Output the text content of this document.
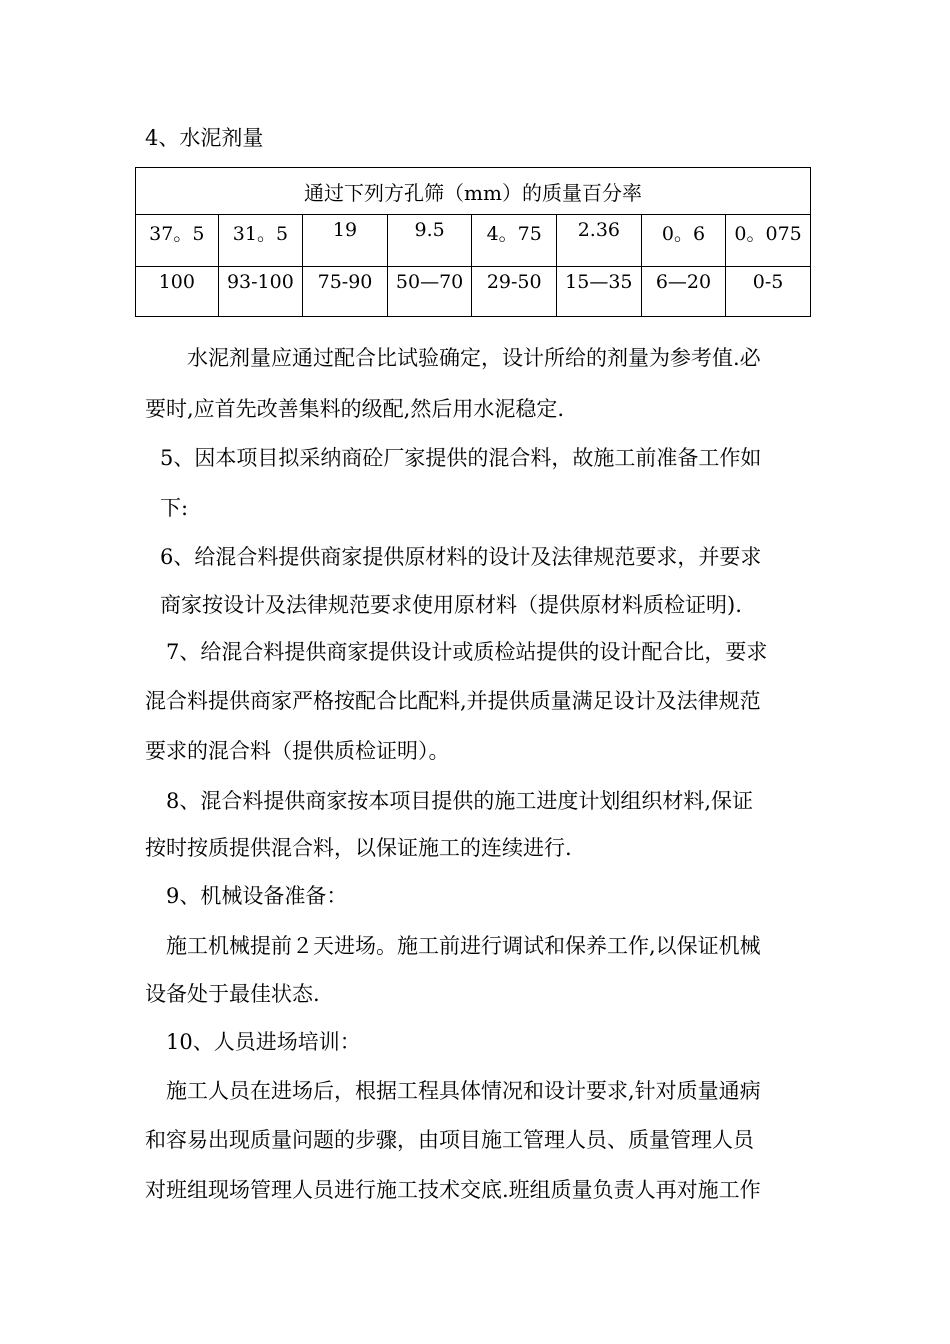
4、水泥剂量
通过下列方孔筛（mm）的质量百分率							
37。5	31。5	19	9.5	4。75	2.36	0。6	0。075
100	93-100	75-90	50—70	29-50	15—35	6—20	0-5
水泥剂量应通过配合比试验确定，设计所给的剂量为参考值.必
要时,应首先改善集料的级配,然后用水泥稳定.
5、因本项目拟采纳商砼厂家提供的混合料，故施工前准备工作如
下:
6、给混合料提供商家提供原材料的设计及法律规范要求，并要求
商家按设计及法律规范要求使用原材料（提供原材料质检证明).
7、给混合料提供商家提供设计或质检站提供的设计配合比，要求
混合料提供商家严格按配合比配料,并提供质量满足设计及法律规范
要求的混合料（提供质检证明）。
8、混合料提供商家按本项目提供的施工进度计划组织材料,保证
按时按质提供混合料，以保证施工的连续进行.
9、机械设备准备：
施工机械提前２天进场。施工前进行调试和保养工作,以保证机械
设备处于最佳状态.
10、人员进场培训：
施工人员在进场后，根据工程具体情况和设计要求,针对质量通病
和容易出现质量问题的步骤，由项目施工管理人员、质量管理人员
对班组现场管理人员进行施工技术交底.班组质量负责人再对施工作
